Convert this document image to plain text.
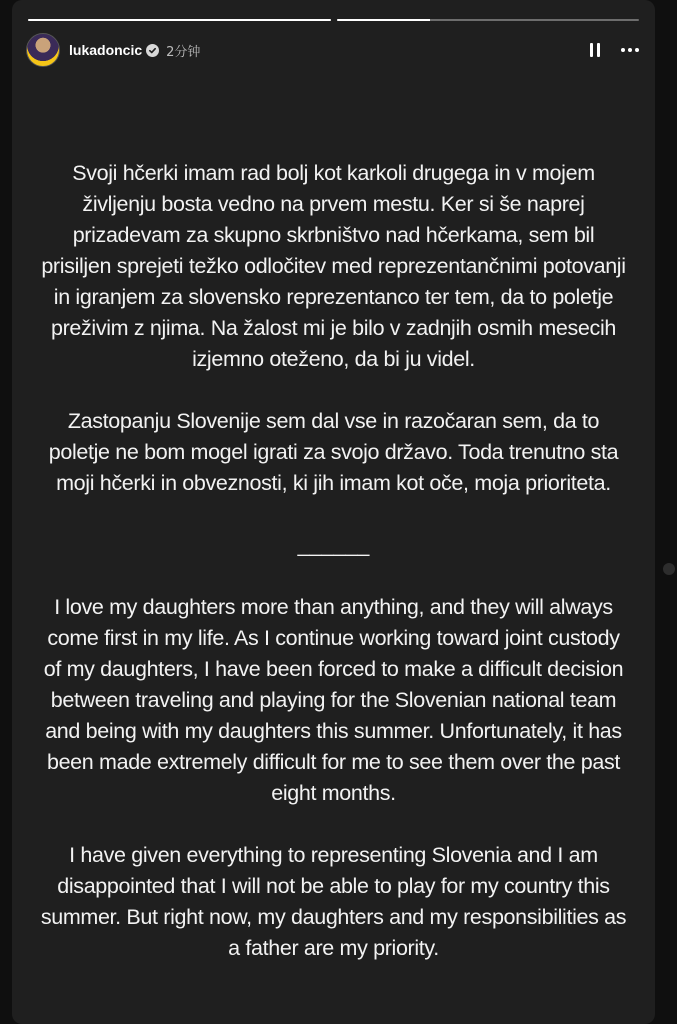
lukadoncic 2分钟

Svoji hčerki imam rad bolj kot karkoli drugega in v mojem življenju bosta vedno na prvem mestu. Ker si še naprej prizadevam za skupno skrbništvo nad hčerkama, sem bil prisiljen sprejeti težko odločitev med reprezentančnimi potovanji in igranjem za slovensko reprezentanco ter tem, da to poletje preživim z njima. Na žalost mi je bilo v zadnjih osmih mesecih izjemno oteženo, da bi ju videl.

Zastopanju Slovenije sem dal vse in razočaran sem, da to poletje ne bom mogel igrati za svojo državo. Toda trenutno sta moji hčerki in obveznosti, ki jih imam kot oče, moja prioriteta.

______

I love my daughters more than anything, and they will always come first in my life. As I continue working toward joint custody of my daughters, I have been forced to make a difficult decision between traveling and playing for the Slovenian national team and being with my daughters this summer. Unfortunately, it has been made extremely difficult for me to see them over the past eight months.

I have given everything to representing Slovenia and I am disappointed that I will not be able to play for my country this summer. But right now, my daughters and my responsibilities as a father are my priority.
